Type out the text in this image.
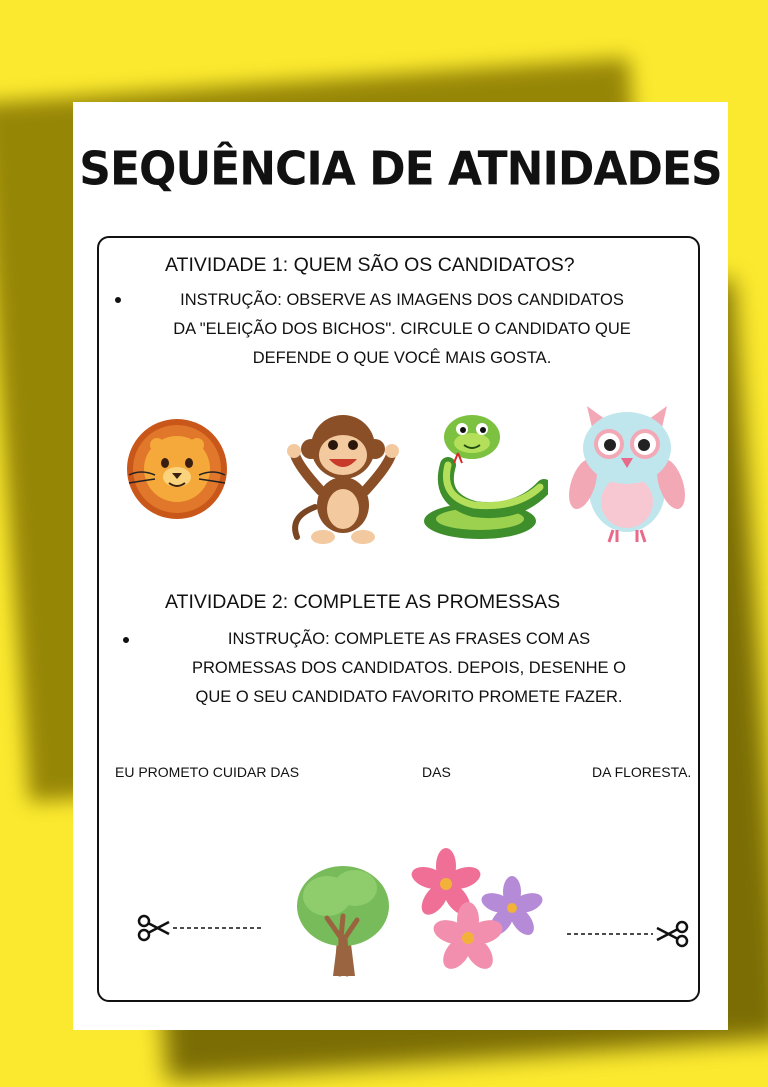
SEQUÊNCIA DE ATNIDADES
ATIVIDADE 1: QUEM SÃO OS CANDIDATOS?
INSTRUÇÃO: OBSERVE AS IMAGENS DOS CANDIDATOS
DA "ELEIÇÃO DOS BICHOS". CIRCULE O CANDIDATO QUE
DEFENDE O QUE VOCÊ MAIS GOSTA.
ATIVIDADE 2: COMPLETE AS PROMESSAS
INSTRUÇÃO: COMPLETE AS FRASES COM AS
PROMESSAS DOS CANDIDATOS. DEPOIS, DESENHE O
QUE O SEU CANDIDATO FAVORITO PROMETE FAZER.
EU PROMETO CUIDAR DAS	DAS	DA FLORESTA.
